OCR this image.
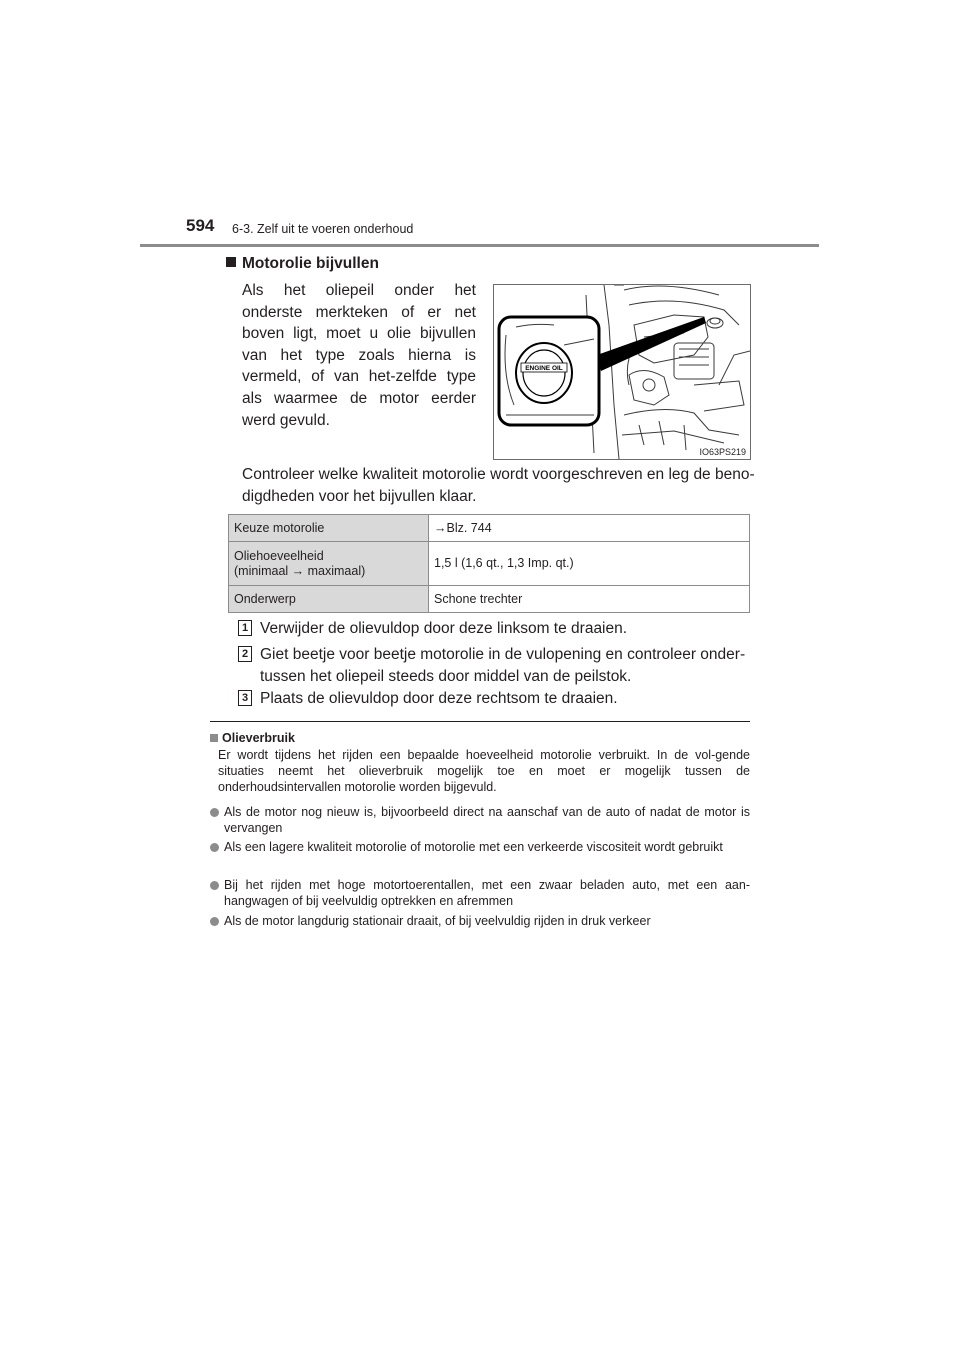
594 6-3. Zelf uit te voeren onderhoud
Motorolie bijvullen
Als het oliepeil onder het onderste merkteken of er net boven ligt, moet u olie bijvullen van het type zoals hierna is vermeld, of van het-zelfde type als waarmee de motor eerder werd gevuld.
ENGINE OIL
IO63PS219
Controleer welke kwaliteit motorolie wordt voorgeschreven en leg de beno-digdheden voor het bijvullen klaar.
Keuze motorolie	→Blz. 744
Oliehoeveelheid
(minimaal → maximaal)	1,5 l (1,6 qt., 1,3 Imp. qt.)
Onderwerp	Schone trechter
1 Verwijder de olievuldop door deze linksom te draaien.
2 Giet beetje voor beetje motorolie in de vulopening en controleer onder-tussen het oliepeil steeds door middel van de peilstok.
3 Plaats de olievuldop door deze rechtsom te draaien.
Olieverbruik
Er wordt tijdens het rijden een bepaalde hoeveelheid motorolie verbruikt. In de vol-gende situaties neemt het olieverbruik mogelijk toe en moet er mogelijk tussen de onderhoudsintervallen motorolie worden bijgevuld.
Als de motor nog nieuw is, bijvoorbeeld direct na aanschaf van de auto of nadat de motor is vervangen
Als een lagere kwaliteit motorolie of motorolie met een verkeerde viscositeit wordt gebruikt
Bij het rijden met hoge motortoerentallen, met een zwaar beladen auto, met een aan-hangwagen of bij veelvuldig optrekken en afremmen
Als de motor langdurig stationair draait, of bij veelvuldig rijden in druk verkeer
